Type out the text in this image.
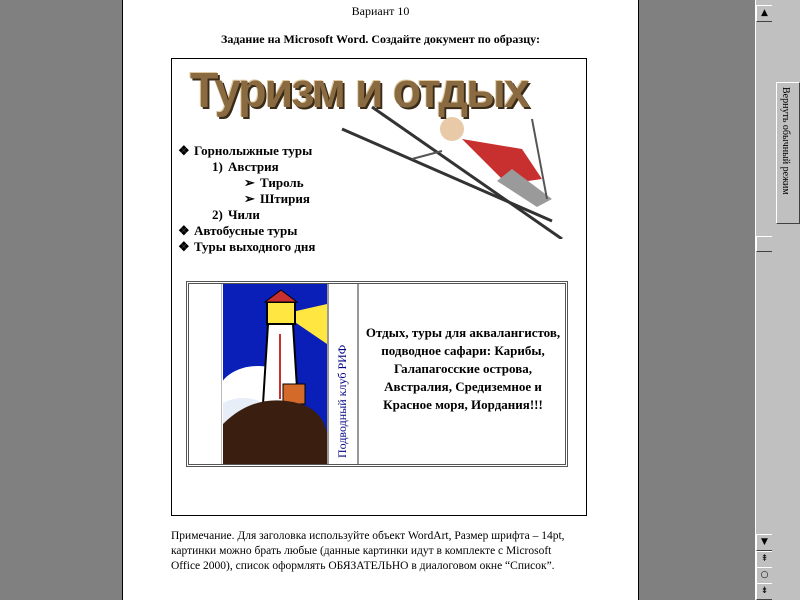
Вариант 10
Задание на Microsoft Word. Создайте документ по образцу:
Туризм и отдых
❖ Горнолыжные туры
1) Австрия
➢ Тироль
➢ Штирия
2) Чили
❖ Автобусные туры
❖ Туры выходного дня
Подводный клуб РИФ
Отдых, туры для аквалангистов, подводное сафари: Карибы, Галапагосские острова, Австралия, Средиземное и Красное моря, Иордания!!!
Примечание. Для заголовка используйте объект WordArt, Размер шрифта – 14pt, картинки можно брать любые (данные картинки идут в комплекте с Microsoft Office 2000), список оформлять ОБЯЗАТЕЛЬНО в диалоговом окне “Список”.
▲
▼
⇞
○
⇟
Вернуть обычный режим
